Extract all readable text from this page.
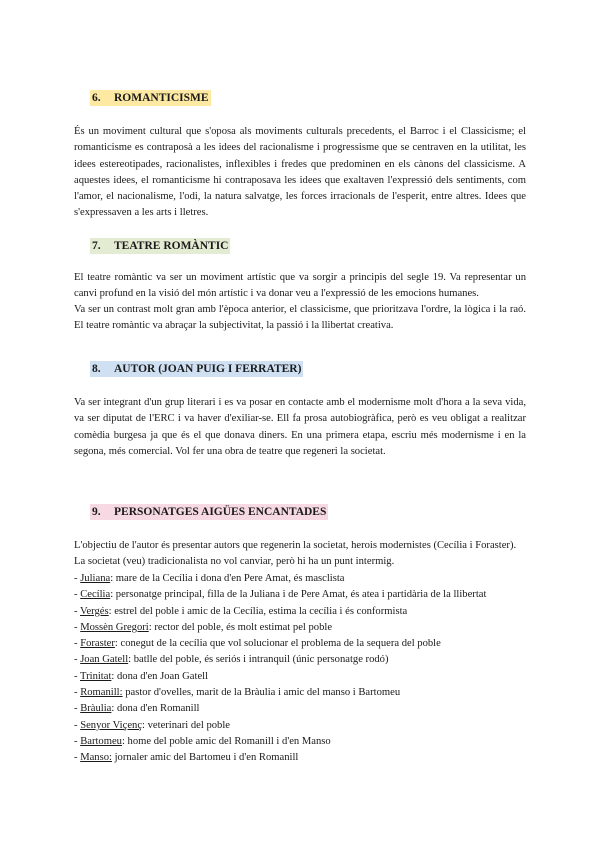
6. ROMANTICISME

És un moviment cultural que s'oposa als moviments culturals precedents, el Barroc i el Classicisme; el romanticisme es contraposà a les idees del racionalisme i progressisme que se centraven en la utilitat, les idees estereotipades, racionalistes, inflexibles i fredes que predominen en els cànons del classicisme. A aquestes idees, el romanticisme hi contraposava les idees que exaltaven l'expressió dels sentiments, com l'amor, el nacionalisme, l'odi, la natura salvatge, les forces irracionals de l'esperit, entre altres. Idees que s'expressaven a les arts i lletres.

7. TEATRE ROMÀNTIC

El teatre romàntic va ser un moviment artístic que va sorgir a principis del segle 19. Va representar un canvi profund en la visió del món artístic i va donar veu a l'expressió de les emocions humanes.

Va ser un contrast molt gran amb l'època anterior, el classicisme, que prioritzava l'ordre, la lògica i la raó. El teatre romàntic va abraçar la subjectivitat, la passió i la llibertat creativa.

8. AUTOR (JOAN PUIG I FERRATER)

Va ser integrant d'un grup literari i es va posar en contacte amb el modernisme molt d'hora a la seva vida, va ser diputat de l'ERC i va haver d'exiliar-se. Ell fa prosa autobiogràfica, però es veu obligat a realitzar comèdia burgesa ja que és el que donava diners. En una primera etapa, escriu més modernisme i en la segona, més comercial. Vol fer una obra de teatre que regeneri la societat.

9. PERSONATGES AIGÜES ENCANTADES
L'objectiu de l'autor és presentar autors que regenerin la societat, herois modernistes (Cecília i Foraster).
La societat (veu) tradicionalista no vol canviar, però hi ha un punt intermig.
- Juliana: mare de la Cecília i dona d'en Pere Amat, és masclista
- Cecília: personatge principal, filla de la Juliana i de Pere Amat, és atea i partidària de la llibertat
- Vergés: estrel del poble i amic de la Cecília, estima la cecília i és conformista
- Mossèn Gregori: rector del poble, és molt estimat pel poble
- Foraster: conegut de la cecília que vol solucionar el problema de la sequera del poble
- Joan Gatell: batlle del poble, és seriós i intranquil (únic personatge rodó)
- Trinitat: dona d'en Joan Gatell
- Romanill: pastor d'ovelles, marit de la Bràulia i amic del manso i Bartomeu
- Bràulia: dona d'en Romanill
- Senyor Viçenç: veterinari del poble
- Bartomeu: home del poble amic del Romanill i d'en Manso
- Manso: jornaler amic del Bartomeu i d'en Romanill
